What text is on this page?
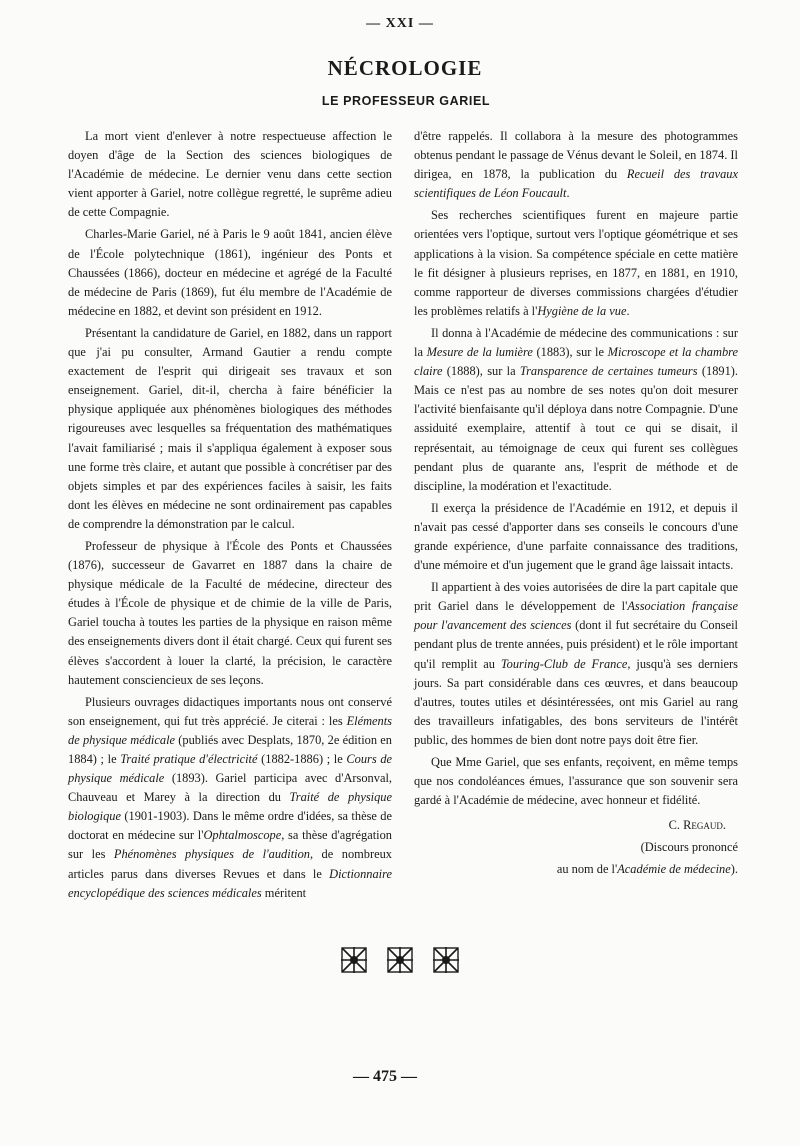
— XXI —
NÉCROLOGIE
LE PROFESSEUR GARIEL

La mort vient d'enlever à notre respectueuse affection le doyen d'âge de la Section des sciences biologiques de l'Académie de médecine. Le dernier venu dans cette section vient apporter à Gariel, notre collègue regretté, le suprême adieu de cette Compagnie.

Charles-Marie Gariel, né à Paris le 9 août 1841, ancien élève de l'École polytechnique (1861), ingénieur des Ponts et Chaussées (1866), docteur en médecine et agrégé de la Faculté de médecine de Paris (1869), fut élu membre de l'Académie de médecine en 1882, et devint son président en 1912.

Présentant la candidature de Gariel, en 1882, dans un rapport que j'ai pu consulter, Armand Gautier a rendu compte exactement de l'esprit qui dirigeait ses travaux et son enseignement. Gariel, dit-il, chercha à faire bénéficier la physique appliquée aux phénomènes biologiques des méthodes rigoureuses avec lesquelles sa fréquentation des mathématiques l'avait familiarisé ; mais il s'appliqua également à exposer sous une forme très claire, et autant que possible à concrétiser par des objets simples et par des expériences faciles à saisir, les faits dont les élèves en médecine ne sont ordinairement pas capables de comprendre la démonstration par le calcul.

Professeur de physique à l'École des Ponts et Chaussées (1876), successeur de Gavarret en 1887 dans la chaire de physique médicale de la Faculté de médecine, directeur des études à l'École de physique et de chimie de la ville de Paris, Gariel toucha à toutes les parties de la physique en raison même des enseignements divers dont il était chargé. Ceux qui furent ses élèves s'accordent à louer la clarté, la précision, le caractère hautement consciencieux de ses leçons.

Plusieurs ouvrages didactiques importants nous ont conservé son enseignement, qui fut très apprécié. Je citerai : les Eléments de physique médicale (publiés avec Desplats, 1870, 2e édition en 1884) ; le Traité pratique d'électricité (1882-1886) ; le Cours de physique médicale (1893). Gariel participa avec d'Arsonval, Chauveau et Marey à la direction du Traité de physique biologique (1901-1903). Dans le même ordre d'idées, sa thèse de doctorat en médecine sur l'Ophtalmoscope, sa thèse d'agrégation sur les Phénomènes physiques de l'audition, de nombreux articles parus dans diverses Revues et dans le Dictionnaire encyclopédique des sciences médicales méritent

d'être rappelés. Il collabora à la mesure des photogrammes obtenus pendant le passage de Vénus devant le Soleil, en 1874. Il dirigea, en 1878, la publication du Recueil des travaux scientifiques de Léon Foucault.

Ses recherches scientifiques furent en majeure partie orientées vers l'optique, surtout vers l'optique géométrique et ses applications à la vision. Sa compétence spéciale en cette matière le fit désigner à plusieurs reprises, en 1877, en 1881, en 1910, comme rapporteur de diverses commissions chargées d'étudier les problèmes relatifs à l'Hygiène de la vue.

Il donna à l'Académie de médecine des communications : sur la Mesure de la lumière (1883), sur le Microscope et la chambre claire (1888), sur la Transparence de certaines tumeurs (1891). Mais ce n'est pas au nombre de ses notes qu'on doit mesurer l'activité bienfaisante qu'il déploya dans notre Compagnie. D'une assiduité exemplaire, attentif à tout ce qui se disait, il représentait, au témoignage de ceux qui furent ses collègues pendant plus de quarante ans, l'esprit de méthode et de discipline, la modération et l'exactitude.

Il exerça la présidence de l'Académie en 1912, et depuis il n'avait pas cessé d'apporter dans ses conseils le concours d'une grande expérience, d'une parfaite connaissance des traditions, d'une mémoire et d'un jugement que le grand âge laissait intacts.

Il appartient à des voies autorisées de dire la part capitale que prit Gariel dans le développement de l'Association française pour l'avancement des sciences (dont il fut secrétaire du Conseil pendant plus de trente années, puis président) et le rôle important qu'il remplit au Touring-Club de France, jusqu'à ses derniers jours. Sa part considérable dans ces œuvres, et dans beaucoup d'autres, toutes utiles et désintéressées, ont mis Gariel au rang des travailleurs infatigables, des bons serviteurs de l'intérêt public, des hommes de bien dont notre pays doit être fier.

Que Mme Gariel, que ses enfants, reçoivent, en même temps que nos condoléances émues, l'assurance que son souvenir sera gardé à l'Académie de médecine, avec honneur et fidélité.

C. Regaud.

(Discours prononcé

au nom de l'Académie de médecine).

— 475 —
